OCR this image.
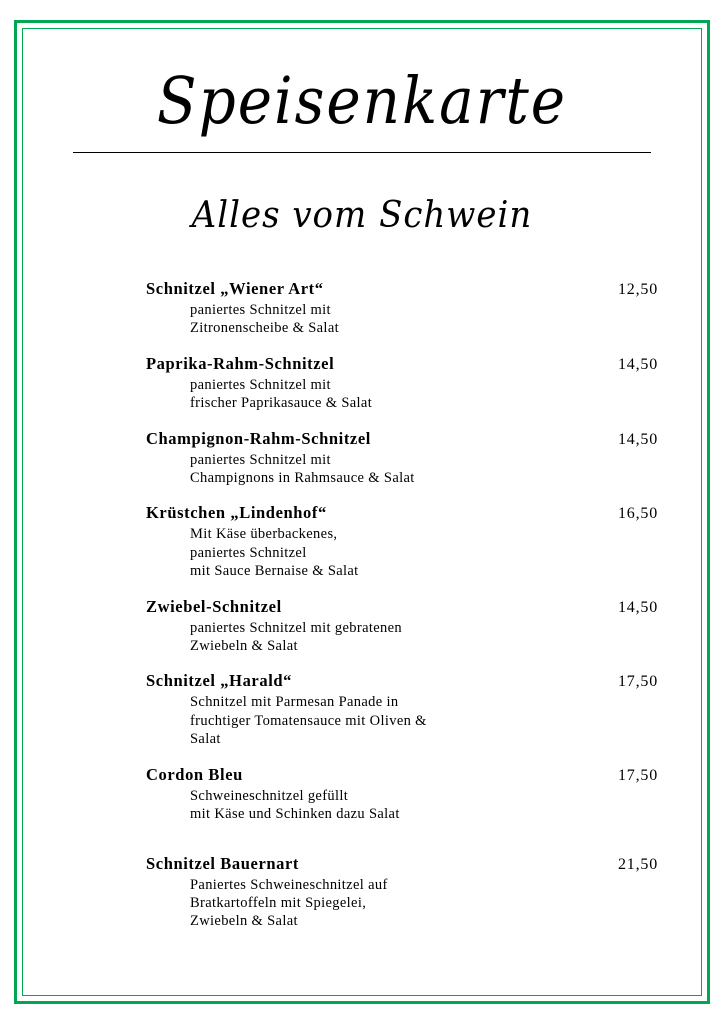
Speisenkarte
Alles vom Schwein
Schnitzel „Wiener Art“	12,50
paniertes Schnitzel mit
Zitronenscheibe & Salat
Paprika-Rahm-Schnitzel	14,50
paniertes Schnitzel mit
frischer Paprikasauce & Salat
Champignon-Rahm-Schnitzel	14,50
paniertes Schnitzel mit
Champignons in Rahmsauce & Salat
Krüstchen „Lindenhof“	16,50
Mit Käse überbackenes,
paniertes Schnitzel
mit Sauce Bernaise & Salat
Zwiebel-Schnitzel	14,50
paniertes Schnitzel mit gebratenen
Zwiebeln & Salat
Schnitzel „Harald“	17,50
Schnitzel mit Parmesan Panade in
fruchtiger Tomatensauce mit Oliven &
Salat
Cordon Bleu	17,50
Schweineschnitzel gefüllt
mit Käse und Schinken dazu Salat
Schnitzel Bauernart	21,50
Paniertes Schweineschnitzel auf
Bratkartoffeln mit Spiegelei,
Zwiebeln & Salat
